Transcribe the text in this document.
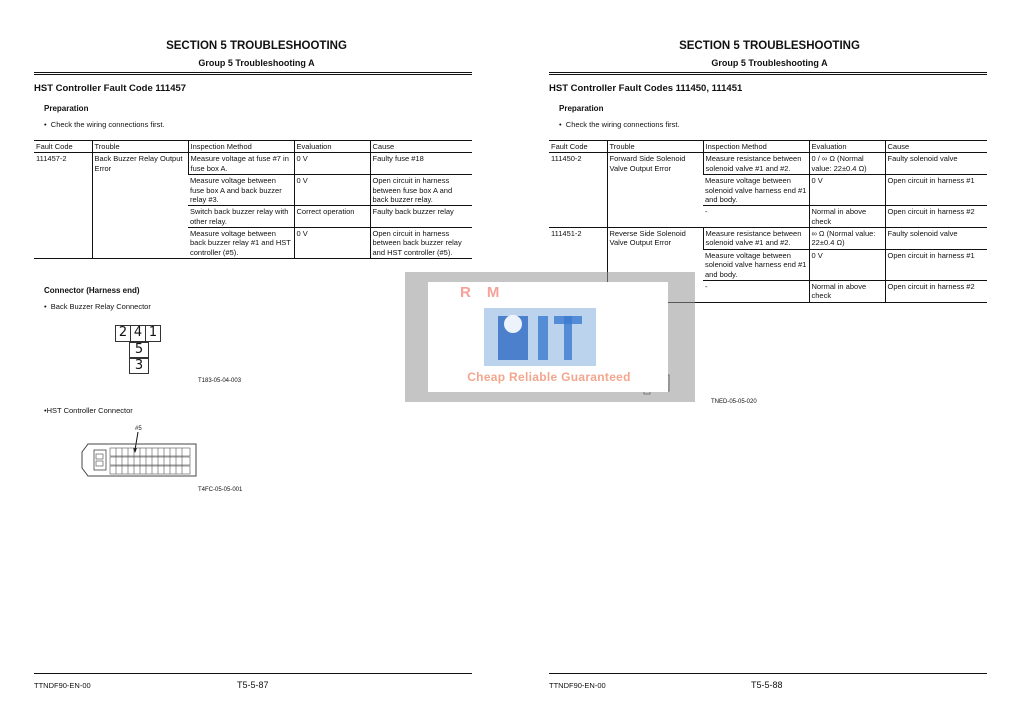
SECTION 5 TROUBLESHOOTING
Group 5 Troubleshooting A
HST Controller Fault Code 111457
Preparation
•  Check the wiring connections first.
Fault Code	Trouble	Inspection Method	Evaluation	Cause
111457-2	Back Buzzer Relay Output Error	Measure voltage at fuse #7 in fuse box A.	0 V	Faulty fuse #18
		Measure voltage between fuse box A and back buzzer relay #3.	0 V	Open circuit in harness between fuse box A and back buzzer relay.
		Switch back buzzer relay with other relay.	Correct operation	Faulty back buzzer relay
		Measure voltage between back buzzer relay #1 and HST controller (#5).	0 V	Open circuit in harness between back buzzer relay and HST controller (#5).
Connector (Harness end)
•  Back Buzzer Relay Connector
2 4 1
5
3
T183-05-04-003
•HST Controller Connector
#5
T4FC-05-05-001
TTNDF90-EN-00	T5-5-87
SECTION 5 TROUBLESHOOTING
Group 5 Troubleshooting A
HST Controller Fault Codes 111450, 111451
Preparation
•  Check the wiring connections first.
Fault Code	Trouble	Inspection Method	Evaluation	Cause
111450-2	Forward Side Solenoid Valve Output Error	Measure resistance between solenoid valve #1 and #2.	0 / ∞ Ω (Normal value: 22±0.4 Ω)	Faulty solenoid valve
		Measure voltage between solenoid valve harness end #1 and body.	0 V	Open circuit in harness #1
		-	Normal in above check	Open circuit in harness #2
111451-2	Reverse Side Solenoid Valve Output Error	Measure resistance between solenoid valve #1 and #2.	∞ Ω (Normal value: 22±0.4 Ω)	Faulty solenoid valve
		Measure voltage between solenoid valve harness end #1 and body.	0 V	Open circuit in harness #1
		-	Normal in above check	Open circuit in harness #2
TNED-05-05-020
TTNDF90-EN-00	T5-5-88
RM
Cheap Reliable Guaranteed
